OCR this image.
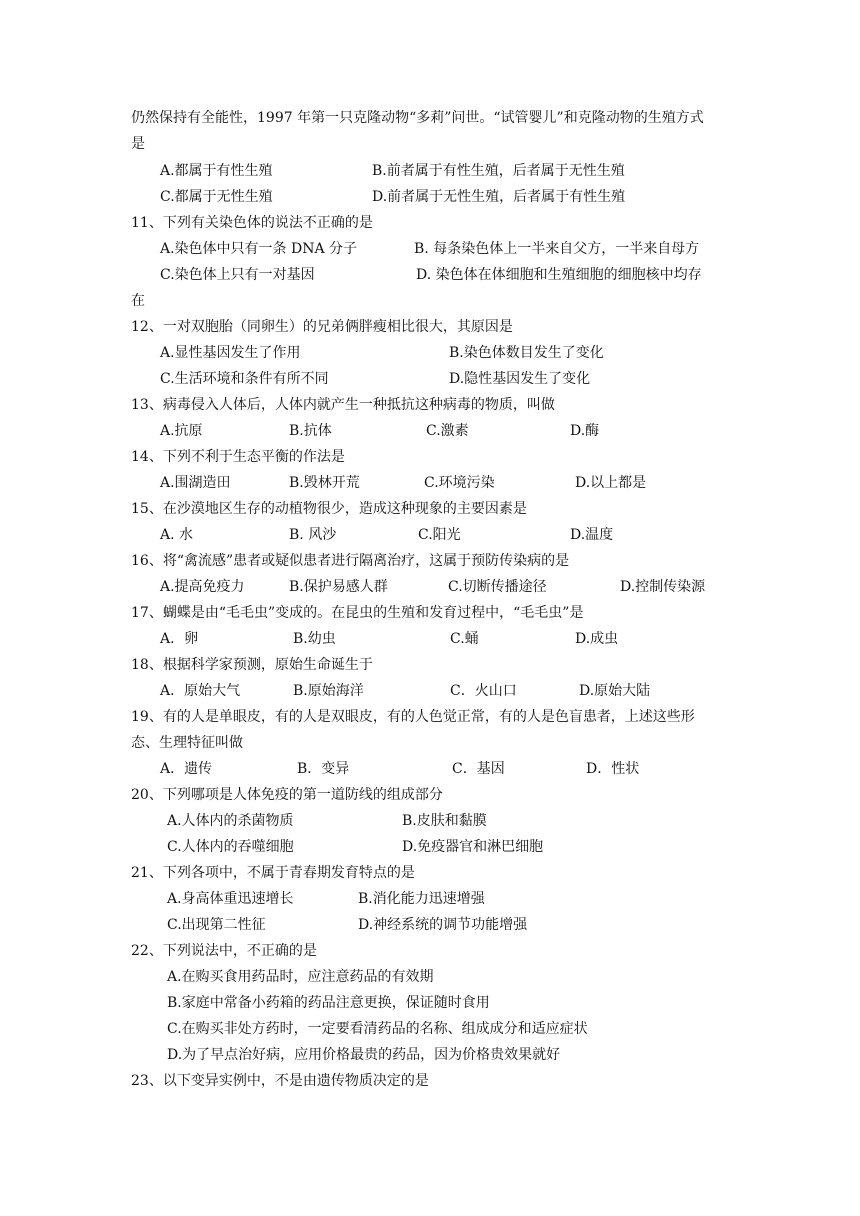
仍然保持有全能性，1997 年第一只克隆动物“多莉”问世。“试管婴儿”和克隆动物的生殖方式
是
A.都属于有性生殖	B.前者属于有性生殖，后者属于无性生殖
C.都属于无性生殖	D.前者属于无性生殖，后者属于有性生殖
11、下列有关染色体的说法不正确的是
A.染色体中只有一条 DNA 分子	B. 每条染色体上一半来自父方，一半来自母方
C.染色体上只有一对基因	D. 染色体在体细胞和生殖细胞的细胞核中均存
在
12、一对双胞胎（同卵生）的兄弟俩胖瘦相比很大，其原因是
A.显性基因发生了作用	B.染色体数目发生了变化
C.生活环境和条件有所不同	D.隐性基因发生了变化
13、病毒侵入人体后，人体内就产生一种抵抗这种病毒的物质，叫做
A.抗原	B.抗体	C.激素	D.酶
14、下列不利于生态平衡的作法是
A.围湖造田	B.毁林开荒	C.环境污染	D.以上都是
15、在沙漠地区生存的动植物很少，造成这种现象的主要因素是
A. 水	B. 风沙	C.阳光	D.温度
16、将“禽流感”患者或疑似患者进行隔离治疗，这属于预防传染病的是
A.提高免疫力	B.保护易感人群	C.切断传播途径	D.控制传染源
17、蝴蝶是由“毛毛虫”变成的。在昆虫的生殖和发育过程中，“毛毛虫”是
A．卵	B.幼虫	C.蛹	D.成虫
18、根据科学家预测，原始生命诞生于
A．原始大气	B.原始海洋	C．火山口	D.原始大陆
19、有的人是单眼皮，有的人是双眼皮，有的人色觉正常，有的人是色盲患者，上述这些形
态、生理特征叫做
A．遗传	B．变异	C．基因	D．性状
20、下列哪项是人体免疫的第一道防线的组成部分
A.人体内的杀菌物质	B.皮肤和黏膜
C.人体内的吞噬细胞	D.免疫器官和淋巴细胞
21、下列各项中，不属于青春期发育特点的是
A.身高体重迅速增长	B.消化能力迅速增强
C.出现第二性征	D.神经系统的调节功能增强
22、下列说法中，不正确的是
A.在购买食用药品时，应注意药品的有效期
B.家庭中常备小药箱的药品注意更换，保证随时食用
C.在购买非处方药时，一定要看清药品的名称、组成成分和适应症状
D.为了早点治好病，应用价格最贵的药品，因为价格贵效果就好
23、以下变异实例中，不是由遗传物质决定的是
